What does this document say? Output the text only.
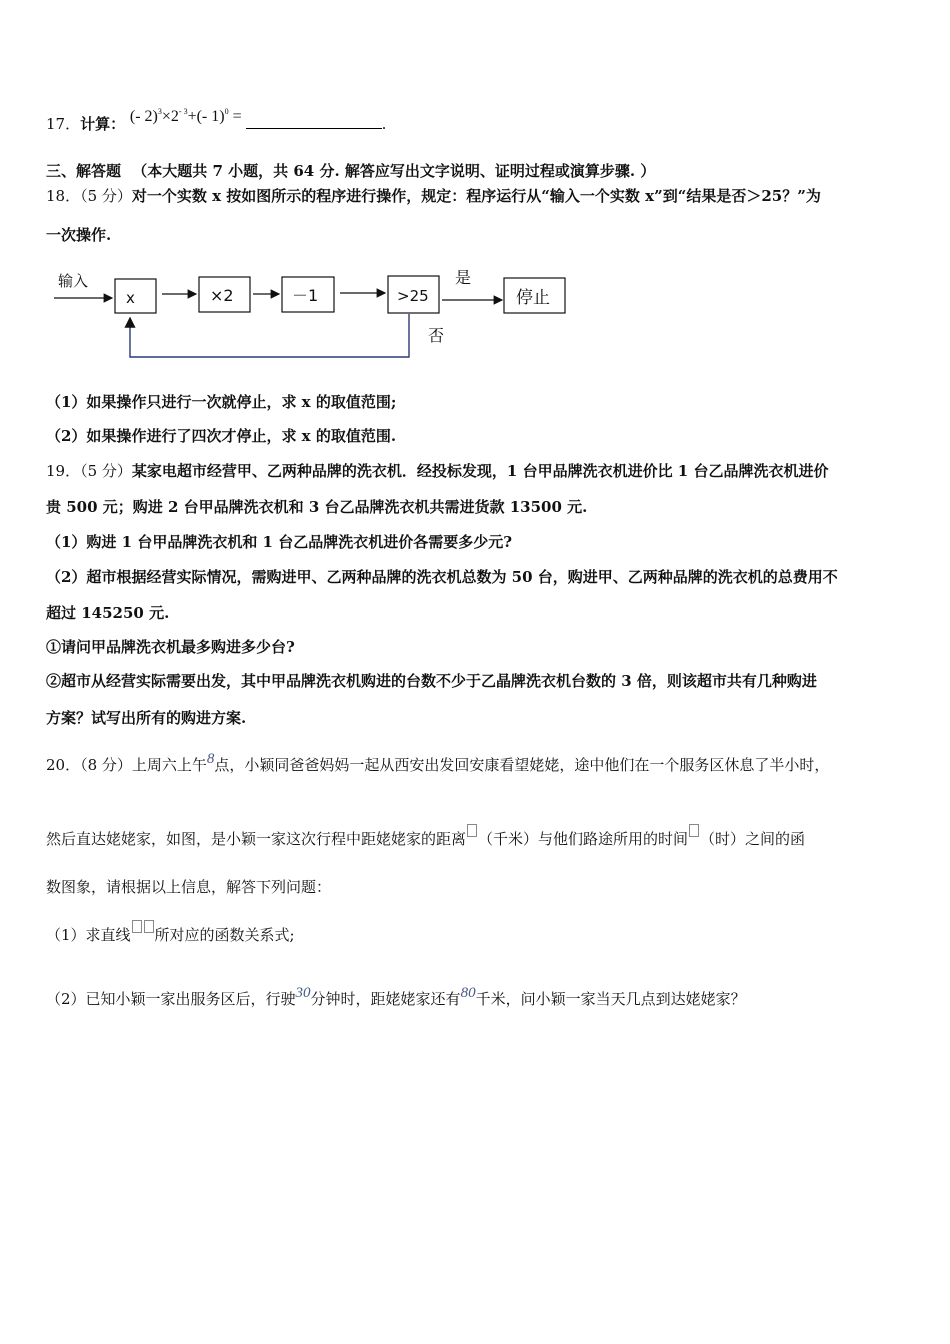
17．计算： (- $2)^3\times 2^{- 3}+(-$ 1)$^0$ =	.
三、解答题 （本大题共 7 小题，共 64 分. 解答应写出文字说明、证明过程或演算步骤. ）
18．（5 分）对一个实数 x 按如图所示的程序进行操作，规定：程序运行从“输入一个实数 x”到“结果是否＞25？”为
一次操作.
输入
x	×2	－1	>25
是
停止
否
（1）如果操作只进行一次就停止，求 x 的取值范围;
（2）如果操作进行了四次才停止，求 x 的取值范围.
19．（5 分）某家电超市经营甲、乙两种品牌的洗衣机．经投标发现，1 台甲品牌洗衣机进价比 1 台乙品牌洗衣机进价
贵 500 元；购进 2 台甲品牌洗衣机和 3 台乙品牌洗衣机共需进货款 13500 元.
（1）购进 1 台甲品牌洗衣机和 1 台乙品牌洗衣机进价各需要多少元?
（2）超市根据经营实际情况，需购进甲、乙两种品牌的洗衣机总数为 50 台，购进甲、乙两种品牌的洗衣机的总费用不
超过 145250 元.
①请问甲品牌洗衣机最多购进多少台?
②超市从经营实际需要出发，其中甲品牌洗衣机购进的台数不少于乙晶牌洗衣机台数的 3 倍，则该超市共有几种购进
方案？试写出所有的购进方案.
20．（8 分）上周六上午8点，小颖同爸爸妈妈一起从西安出发回安康看望姥姥，途中他们在一个服务区休息了半小时，
然后直达姥姥家，如图，是小颖一家这次行程中距姥姥家的距离 （千米）与他们路途所用的时间 （时）之间的函
数图象，请根据以上信息，解答下列问题：
（1）求直线 所对应的函数关系式;
（2）已知小颖一家出服务区后，行驶30分钟时，距姥姥家还有80千米，问小颖一家当天几点到达姥姥家？
